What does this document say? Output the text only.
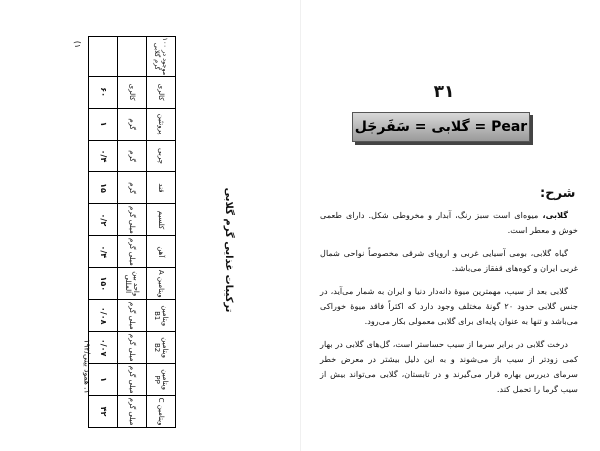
(۱	موجود در ۱۰۰ گرم گلابی
کالری
پروتئین
چربی
قند
کلسیم
آهن
ویتامین A
ویتامین B1
ویتامین B2
ویتامین PP
ویتامین C
کالری
گرم
گرم
گرم
میلی گرم
میلی گرم
واحد بین المللی
میلی گرم
میلی گرم
میلی گرم
میلی گرم
۶۰
۱
۰/۴
۱۵
۰/۲
۰/۴
۱۵۰
۰/۰۸
۰/۰۷
۱
۴۲
ترکیبات غذایی گرم گلابی
۱. همود بینی/۱۹۲
۳۱
گلابی = سَفَرجَل = Pear
شرح:

گلابی، میوه‌ای است سبز رنگ، آبدار و مخروطی شکل. دارای طعمی خوش و معطر است.

گیاه گلابی، بومی آسیایی غربی و اروپای شرقی مخصوصاً نواحی شمال غربی ایران و کوه‌های قفقاز می‌باشد.

گلابی بعد از سیب، مهمترین میوهٔ دانه‌دار دنیا و ایران به شمار می‌آید، در جنس گلابی حدود ۲۰ گونهٔ مختلف وجود دارد که اکثراً فاقد میوهٔ خوراکی می‌باشد و تنها به عنوان پایه‌ای برای گلابی معمولی بکار می‌رود.

درخت گلابی در برابر سرما از سیب حساستر است، گل‌های گلابی در بهار کمی زودتر از سیب باز می‌شوند و به این دلیل بیشتر در معرض خطر سرمای دیررس بهاره قرار می‌گیرند و در تابستان، گلابی می‌تواند بیش از سیب گرما را تحمل کند.
